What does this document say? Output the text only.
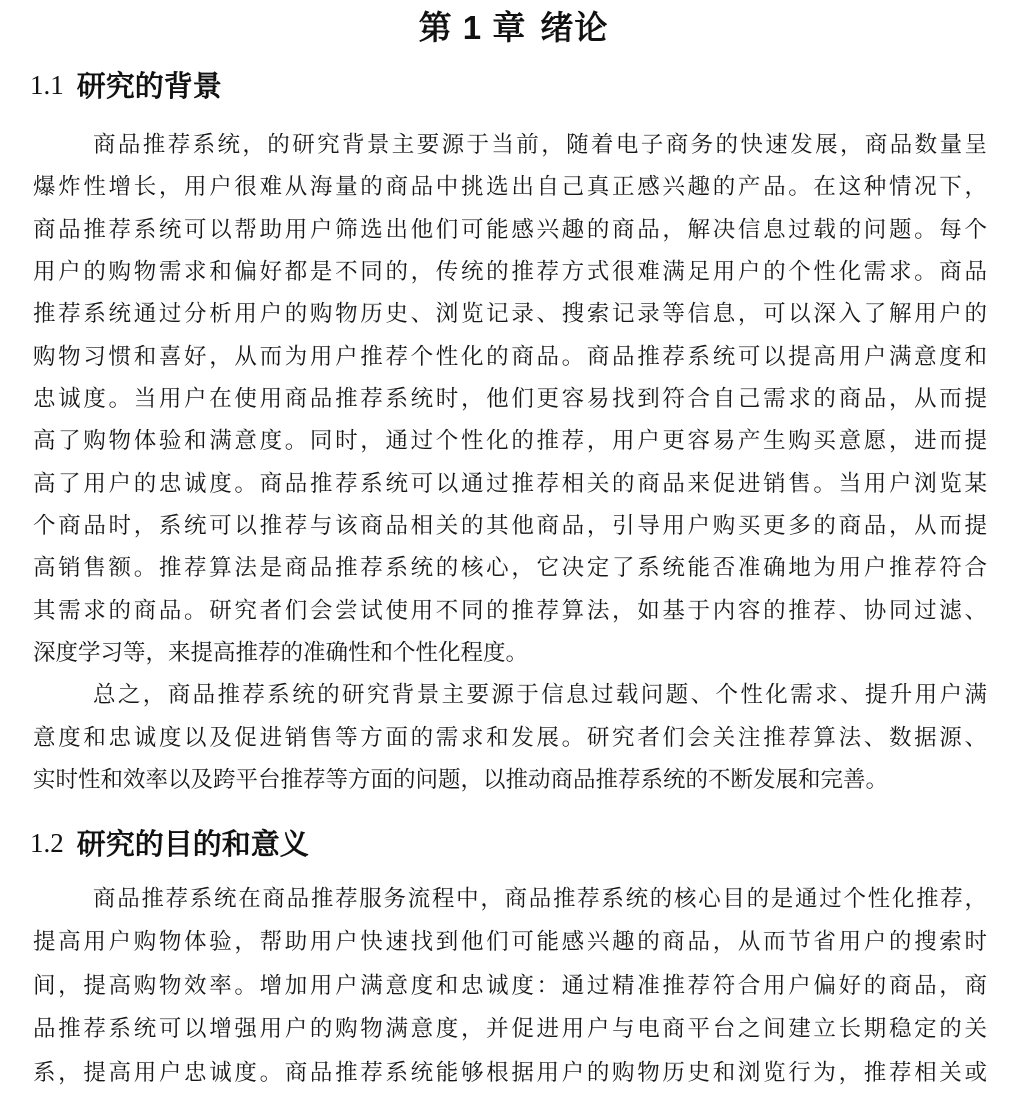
第 1 章 绪论
1.1 研究的背景
商品推荐系统，的研究背景主要源于当前，随着电子商务的快速发展，商品数量呈
爆炸性增长，用户很难从海量的商品中挑选出自己真正感兴趣的产品。在这种情况下，
商品推荐系统可以帮助用户筛选出他们可能感兴趣的商品，解决信息过载的问题。每个
用户的购物需求和偏好都是不同的，传统的推荐方式很难满足用户的个性化需求。商品
推荐系统通过分析用户的购物历史、浏览记录、搜索记录等信息，可以深入了解用户的
购物习惯和喜好，从而为用户推荐个性化的商品。商品推荐系统可以提高用户满意度和
忠诚度。当用户在使用商品推荐系统时，他们更容易找到符合自己需求的商品，从而提
高了购物体验和满意度。同时，通过个性化的推荐，用户更容易产生购买意愿，进而提
高了用户的忠诚度。商品推荐系统可以通过推荐相关的商品来促进销售。当用户浏览某
个商品时，系统可以推荐与该商品相关的其他商品，引导用户购买更多的商品，从而提
高销售额。推荐算法是商品推荐系统的核心，它决定了系统能否准确地为用户推荐符合
其需求的商品。研究者们会尝试使用不同的推荐算法，如基于内容的推荐、协同过滤、
深度学习等，来提高推荐的准确性和个性化程度。
总之，商品推荐系统的研究背景主要源于信息过载问题、个性化需求、提升用户满
意度和忠诚度以及促进销售等方面的需求和发展。研究者们会关注推荐算法、数据源、
实时性和效率以及跨平台推荐等方面的问题，以推动商品推荐系统的不断发展和完善。
1.2 研究的目的和意义
商品推荐系统在商品推荐服务流程中，商品推荐系统的核心目的是通过个性化推荐，
提高用户购物体验，帮助用户快速找到他们可能感兴趣的商品，从而节省用户的搜索时
间，提高购物效率。增加用户满意度和忠诚度：通过精准推荐符合用户偏好的商品，商
品推荐系统可以增强用户的购物满意度，并促进用户与电商平台之间建立长期稳定的关
系，提高用户忠诚度。商品推荐系统能够根据用户的购物历史和浏览行为，推荐相关或
